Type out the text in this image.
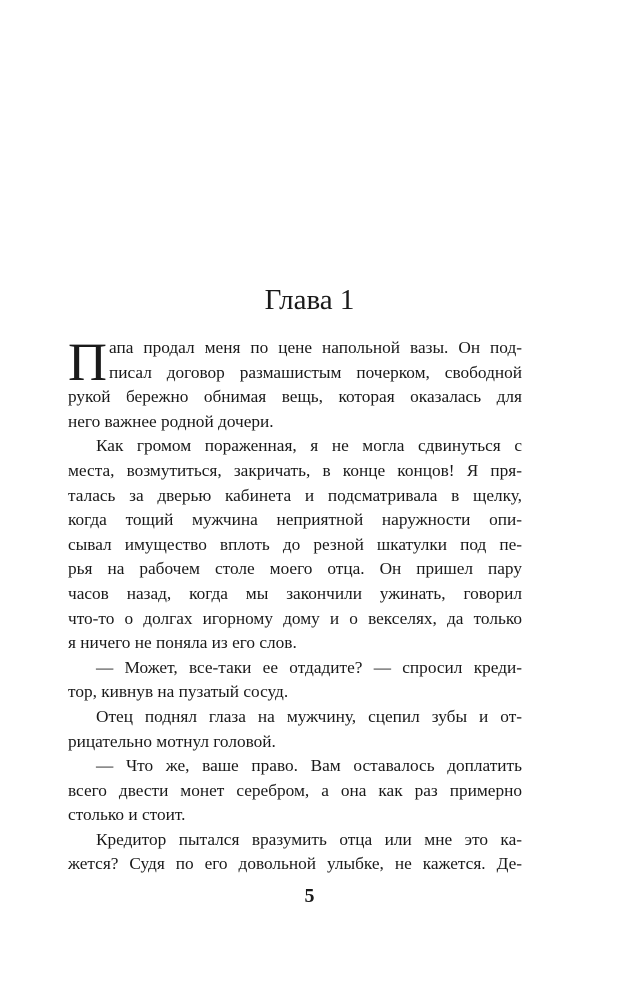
Глава 1
П апа продал меня по цене напольной вазы. Он под-
писал договор размашистым почерком, свободной
рукой бережно обнимая вещь, которая оказалась для
него важнее родной дочери.
Как громом пораженная, я не могла сдвинуться с
места, возмутиться, закричать, в конце концов! Я пря-
талась за дверью кабинета и подсматривала в щелку,
когда тощий мужчина неприятной наружности опи-
сывал имущество вплоть до резной шкатулки под пе-
рья на рабочем столе моего отца. Он пришел пару
часов назад, когда мы закончили ужинать, говорил
что-то о долгах игорному дому и о векселях, да только
я ничего не поняла из его слов.
— Может, все-таки ее отдадите? — спросил креди-
тор, кивнув на пузатый сосуд.
Отец поднял глаза на мужчину, сцепил зубы и от-
рицательно мотнул головой.
— Что же, ваше право. Вам оставалось доплатить
всего двести монет серебром, а она как раз примерно
столько и стоит.
Кредитор пытался вразумить отца или мне это ка-
жется? Судя по его довольной улыбке, не кажется. Де-
5
